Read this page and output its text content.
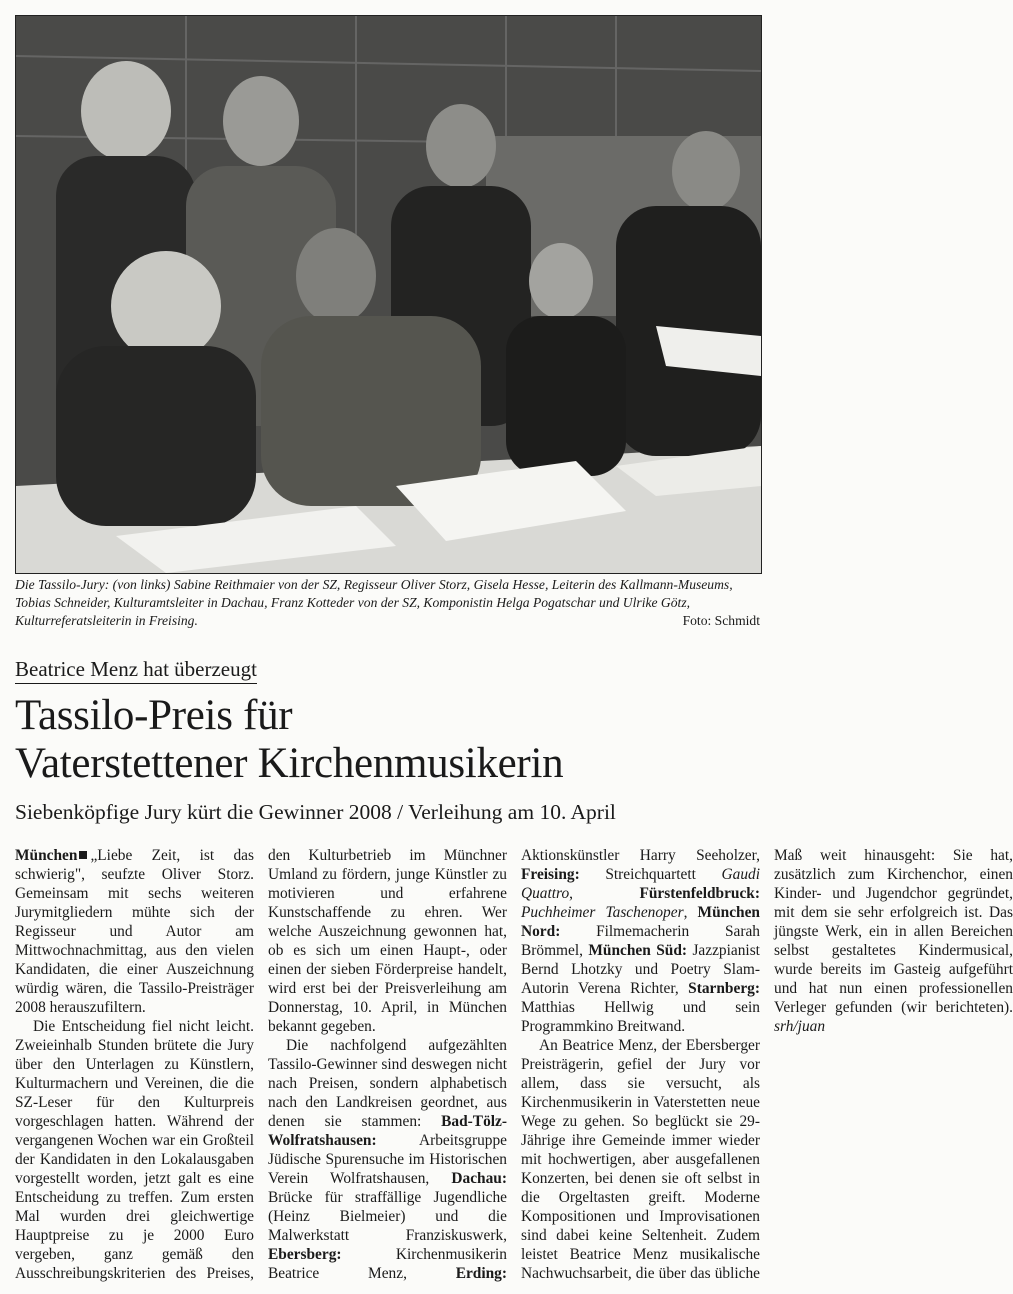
Die Tassilo-Jury: (von links) Sabine Reithmaier von der SZ, Regisseur Oliver Storz, Gisela Hesse, Leiterin des Kallmann-Museums, Tobias Schneider, Kulturamtsleiter in Dachau, Franz Kotteder von der SZ, Komponistin Helga Pogatschar und Ulrike Götz, Kulturreferatsleiterin in Freising.	Foto: Schmidt
Beatrice Menz hat überzeugt
Tassilo-Preis für
Vaterstettener Kirchenmusikerin
Siebenköpfige Jury kürt die Gewinner 2008 / Verleihung am 10. April

München „Liebe Zeit, ist das schwierig", seufzte Oliver Storz. Gemeinsam mit sechs weiteren Jurymitgliedern mühte sich der Regisseur und Autor am Mittwochnachmittag, aus den vielen Kandidaten, die einer Auszeichnung würdig wären, die Tassilo-Preisträger 2008 herauszufiltern.

Die Entscheidung fiel nicht leicht. Zweieinhalb Stunden brütete die Jury über den Unterlagen zu Künstlern, Kulturmachern und Vereinen, die die SZ-Leser für den Kulturpreis vorgeschlagen hatten. Während der vergangenen Wochen war ein Großteil der Kandidaten in den Lokalausgaben vorgestellt worden, jetzt galt es eine Entscheidung zu treffen. Zum ersten Mal wurden drei gleichwertige Hauptpreise zu je 2000 Euro vergeben, ganz gemäß den Ausschreibungskriterien des Preises, den Kulturbetrieb im Münchner Umland zu fördern, junge Künstler zu motivieren und erfahrene Kunstschaffende zu ehren. Wer welche Auszeichnung gewonnen hat, ob es sich um einen Haupt-, oder einen der sieben Förderpreise handelt, wird erst bei der Preisverleihung am Donnerstag, 10. April, in München bekannt gegeben.

Die nachfolgend aufgezählten Tassilo-Gewinner sind deswegen nicht nach Preisen, sondern alphabetisch nach den Landkreisen geordnet, aus denen sie stammen: Bad-Tölz-Wolfratshausen:	Arbeitsgruppe Jüdische Spurensuche im Historischen Verein Wolfratshausen, Dachau: Brücke für straffällige Jugendliche (Heinz Bielmeier) und die Malwerkstatt Franziskuswerk, Ebersberg:	Kirchenmusikerin Beatrice Menz,	Erding: Aktionskünstler Harry Seeholzer, Freising: Streichquartett Gaudi Quattro, Fürstenfeldbruck: Puchheimer Taschenoper, München Nord: Filmemacherin Sarah Brömmel, München Süd: Jazzpianist Bernd Lhotzky und Poetry Slam-Autorin Verena Richter, Starnberg: Matthias Hellwig und sein Programmkino Breitwand.

An Beatrice Menz, der Ebersberger Preisträgerin, gefiel der Jury vor allem, dass sie versucht, als Kirchenmusikerin in Vaterstetten neue Wege zu gehen. So beglückt sie 29-Jährige ihre Gemeinde immer wieder mit hochwertigen, aber ausgefallenen Konzerten, bei denen sie oft selbst in die Orgeltasten greift. Moderne Kompositionen und Improvisationen sind dabei keine Seltenheit. Zudem leistet Beatrice Menz musikalische Nachwuchsarbeit, die über das übliche Maß weit hinausgeht: Sie hat, zusätzlich zum Kirchenchor, einen Kinder- und Jugendchor gegründet, mit dem sie sehr erfolgreich ist. Das jüngste Werk, ein in allen Bereichen selbst gestaltetes Kindermusical, wurde bereits im Gasteig aufgeführt und hat nun einen professionellen Verleger gefunden (wir berichteten). srh/juan
